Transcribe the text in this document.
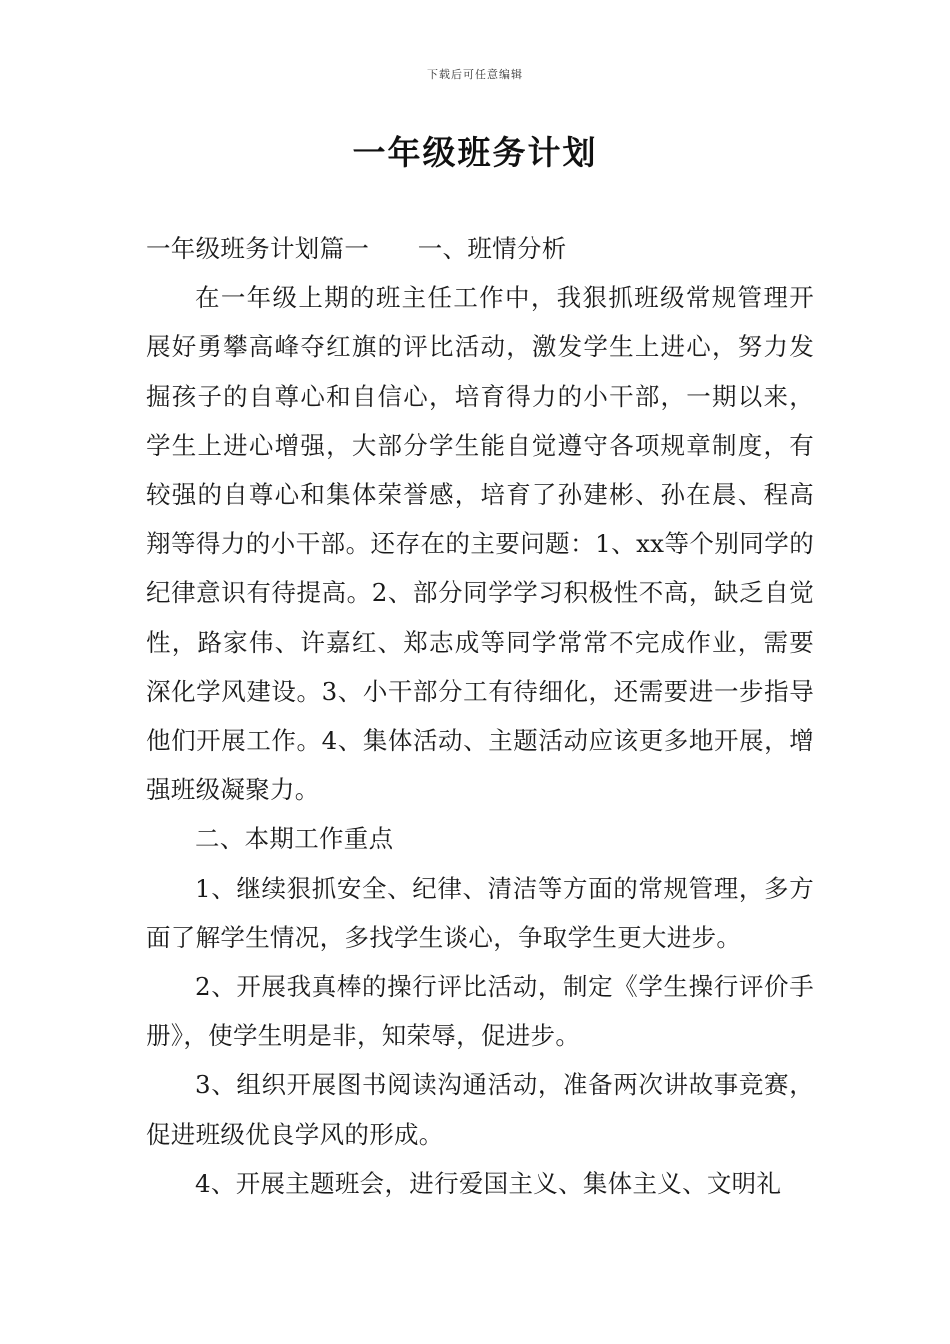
下载后可任意编辑
一年级班务计划

一年级班务计划篇一 一、班情分析

在一年级上期的班主任工作中，我狠抓班级常规管理开展好勇攀高峰夺红旗的评比活动，激发学生上进心，努力发掘孩子的自尊心和自信心，培育得力的小干部，一期以来，学生上进心增强，大部分学生能自觉遵守各项规章制度，有较强的自尊心和集体荣誉感，培育了孙建彬、孙在晨、程高翔等得力的小干部。还存在的主要问题：1、xx等个别同学的纪律意识有待提高。2、部分同学学习积极性不高，缺乏自觉性，路家伟、许嘉红、郑志成等同学常常不完成作业，需要深化学风建设。3、小干部分工有待细化，还需要进一步指导他们开展工作。4、集体活动、主题活动应该更多地开展，增强班级凝聚力。

二、本期工作重点

1、继续狠抓安全、纪律、清洁等方面的常规管理，多方面了解学生情况，多找学生谈心，争取学生更大进步。

2、开展我真棒的操行评比活动，制定《学生操行评价手册》，使学生明是非，知荣辱，促进步。

3、组织开展图书阅读沟通活动，准备两次讲故事竞赛，促进班级优良学风的形成。

4、开展主题班会，进行爱国主义、集体主义、文明礼
